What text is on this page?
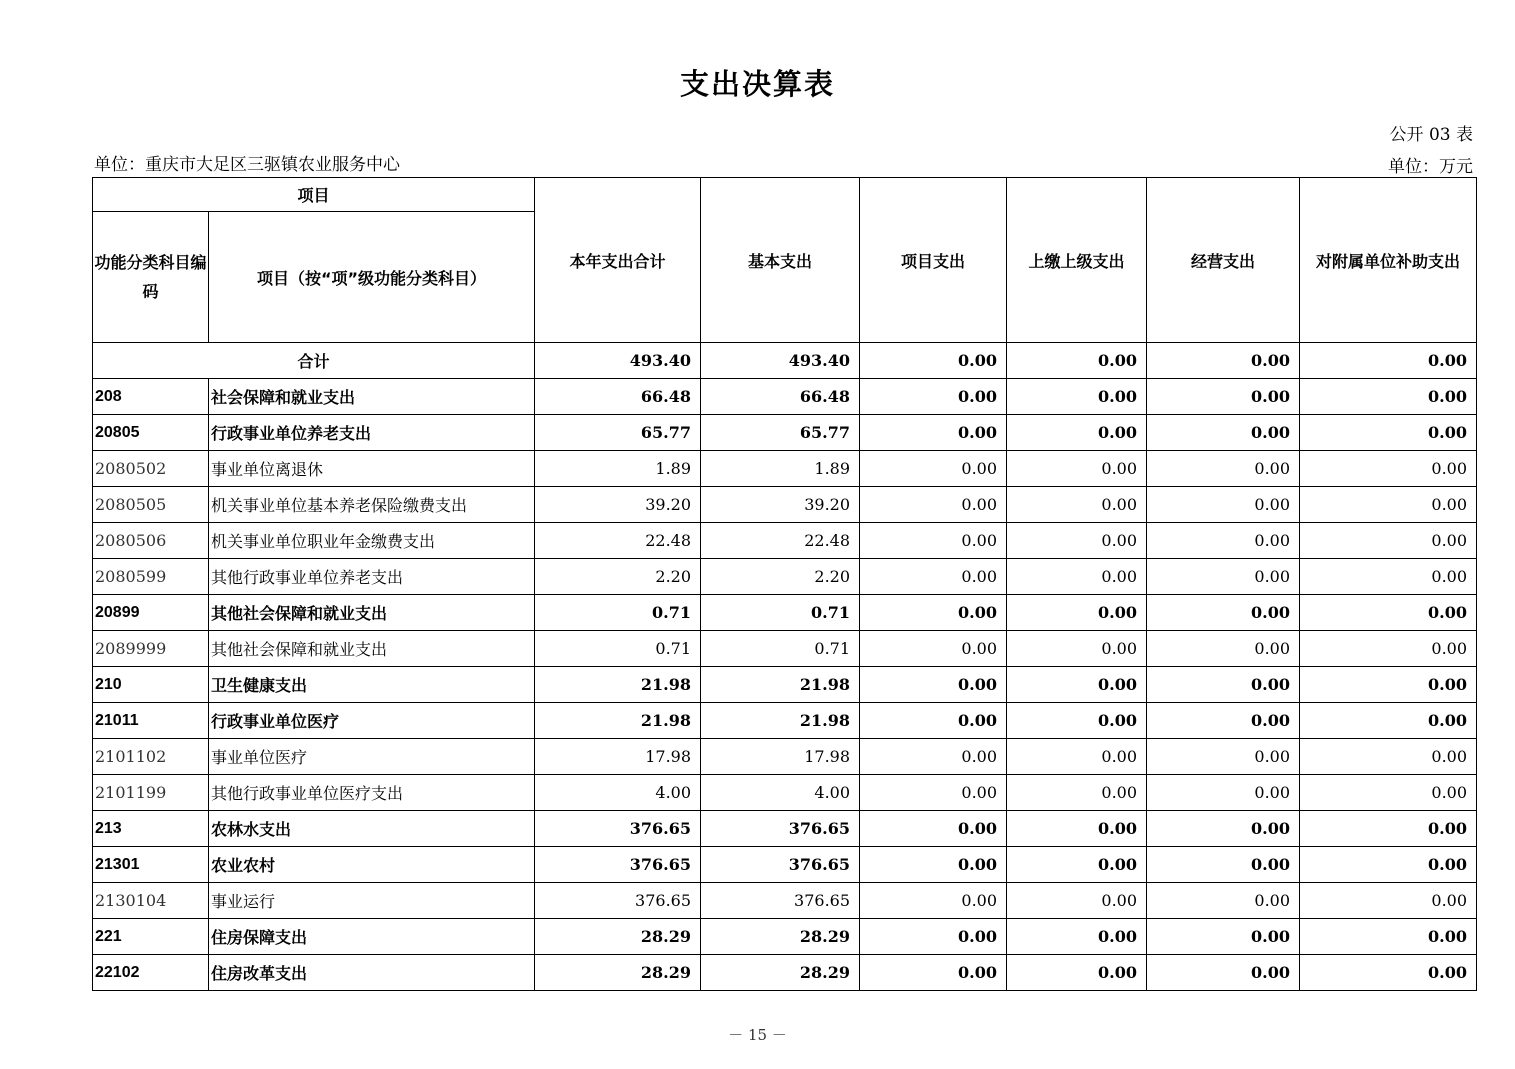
支出决算表
公开 03 表
单位：重庆市大足区三驱镇农业服务中心	单位：万元
项目		本年支出合计	基本支出	项目支出	上缴上级支出	经营支出	对附属单位补助支出
功能分类科目编码	项目（按“项”级功能分类科目）						
合计		493.40	493.40	0.00	0.00	0.00	0.00
208	社会保障和就业支出	66.48	66.48	0.00	0.00	0.00	0.00
20805	行政事业单位养老支出	65.77	65.77	0.00	0.00	0.00	0.00
2080502	事业单位离退休	1.89	1.89	0.00	0.00	0.00	0.00
2080505	机关事业单位基本养老保险缴费支出	39.20	39.20	0.00	0.00	0.00	0.00
2080506	机关事业单位职业年金缴费支出	22.48	22.48	0.00	0.00	0.00	0.00
2080599	其他行政事业单位养老支出	2.20	2.20	0.00	0.00	0.00	0.00
20899	其他社会保障和就业支出	0.71	0.71	0.00	0.00	0.00	0.00
2089999	其他社会保障和就业支出	0.71	0.71	0.00	0.00	0.00	0.00
210	卫生健康支出	21.98	21.98	0.00	0.00	0.00	0.00
21011	行政事业单位医疗	21.98	21.98	0.00	0.00	0.00	0.00
2101102	事业单位医疗	17.98	17.98	0.00	0.00	0.00	0.00
2101199	其他行政事业单位医疗支出	4.00	4.00	0.00	0.00	0.00	0.00
213	农林水支出	376.65	376.65	0.00	0.00	0.00	0.00
21301	农业农村	376.65	376.65	0.00	0.00	0.00	0.00
2130104	事业运行	376.65	376.65	0.00	0.00	0.00	0.00
221	住房保障支出	28.29	28.29	0.00	0.00	0.00	0.00
22102	住房改革支出	28.29	28.29	0.00	0.00	0.00	0.00
－ 15 －
